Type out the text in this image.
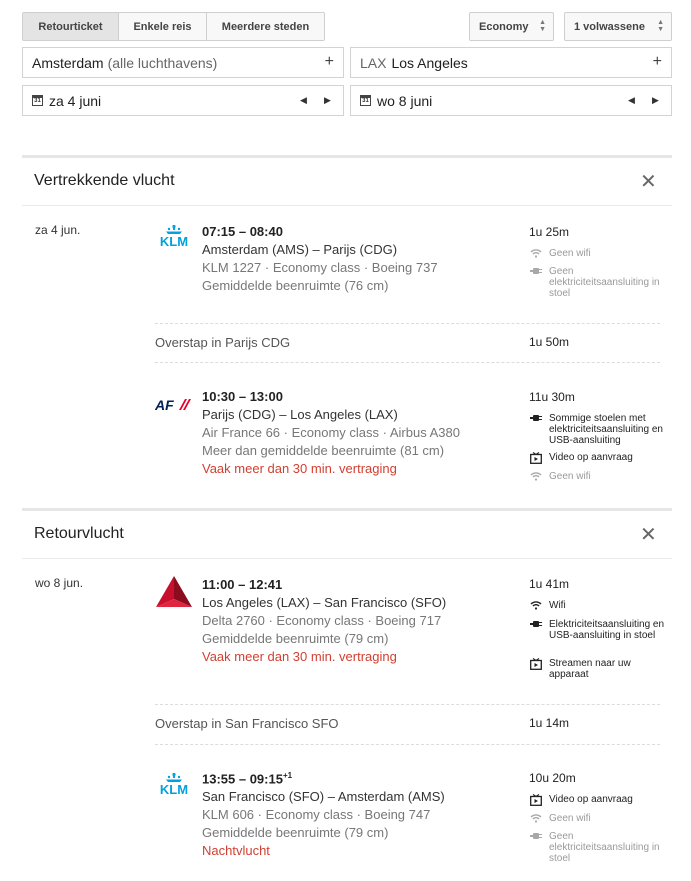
Retourticket	Enkele reis	Meerdere steden	Economy ▲
▼	1 volwassene ▲
▼
Amsterdam (alle luchthavens)	+ LAX Los Angeles	+
31 za 4 juni	◀ ▶	31 wo 8 juni	◀ ▶
Vertrekkende vlucht	✕
za 4 jun.
KLM
07:15 – 08:40
Amsterdam (AMS) – Parijs (CDG)
KLM 1227 · Economy class · Boeing 737
Gemiddelde beenruimte (76 cm)
1u 25m
Geen wifi
Geen elektriciteitsaansluiting in stoel
Overstap in Parijs CDG	1u 50m
AF
10:30 – 13:00
Parijs (CDG) – Los Angeles (LAX)
Air France 66 · Economy class · Airbus A380
Meer dan gemiddelde beenruimte (81 cm)
Vaak meer dan 30 min. vertraging
11u 30m
Sommige stoelen met elektriciteitsaansluiting en USB-aansluiting
Video op aanvraag
Geen wifi
Retourvlucht	✕
wo 8 jun.	11:00 – 12:41
Los Angeles (LAX) – San Francisco (SFO)
Delta 2760 · Economy class · Boeing 717
Gemiddelde beenruimte (79 cm)
Vaak meer dan 30 min. vertraging
1u 41m
Wifi
Elektriciteitsaansluiting en USB-aansluiting in stoel
Streamen naar uw apparaat
Overstap in San Francisco SFO	1u 14m
KLM
13:55 – $09:15^{+1}$
San Francisco (SFO) – Amsterdam (AMS)
KLM 606 · Economy class · Boeing 747
Gemiddelde beenruimte (79 cm)
Nachtvlucht
10u 20m
Video op aanvraag
Geen wifi
Geen elektriciteitsaansluiting in stoel
